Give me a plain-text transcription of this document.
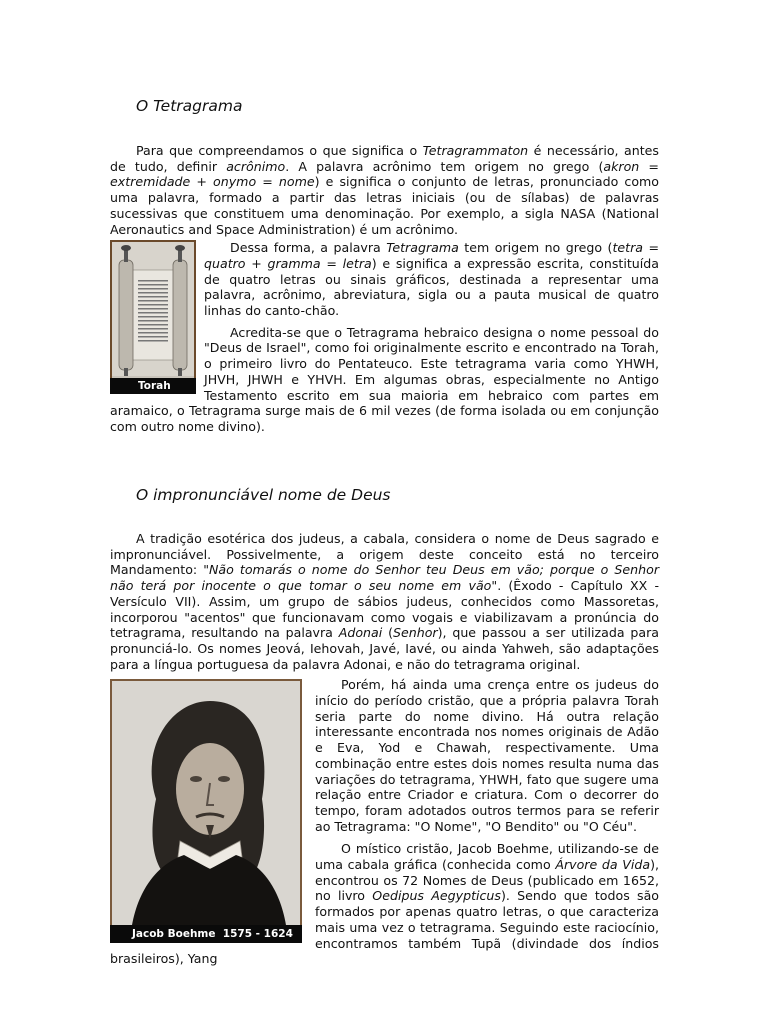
O Tetragrama

Para que compreendamos o que significa o Tetragrammaton é necessário, antes de tudo, definir acrônimo. A palavra acrônimo tem origem no grego (akron = extremidade + onymo = nome) e significa o conjunto de letras, pronunciado como uma palavra, formado a partir das letras iniciais (ou de sílabas) de palavras sucessivas que constituem uma denominação. Por exemplo, a sigla NASA (National Aeronautics and Space Administration) é um acrônimo.

Torah

Dessa forma, a palavra Tetragrama tem origem no grego (tetra = quatro + gramma = letra) e significa a expressão escrita, constituída de quatro letras ou sinais gráficos, destinada a representar uma palavra, acrônimo, abreviatura, sigla ou a pauta musical de quatro linhas do canto-chão.

Acredita-se que o Tetragrama hebraico designa o nome pessoal do "Deus de Israel", como foi originalmente escrito e encontrado na Torah, o primeiro livro do Pentateuco. Este tetragrama varia como YHWH, JHVH, JHWH e YHVH. Em algumas obras, especialmente no Antigo Testamento escrito em sua maioria em hebraico com partes em aramaico, o Tetragrama surge mais de 6 mil vezes (de forma isolada ou em conjunção com outro nome divino).

O impronunciável nome de Deus

A tradição esotérica dos judeus, a cabala, considera o nome de Deus sagrado e impronunciável. Possivelmente, a origem deste conceito está no terceiro Mandamento: "Não tomarás o nome do Senhor teu Deus em vão; porque o Senhor não terá por inocente o que tomar o seu nome em vão". (Êxodo - Capítulo XX - Versículo VII). Assim, um grupo de sábios judeus, conhecidos como Massoretas, incorporou "acentos" que funcionavam como vogais e viabilizavam a pronúncia do tetragrama, resultando na palavra Adonai (Senhor), que passou a ser utilizada para pronunciá-lo. Os nomes Jeová, Iehovah, Javé, Iavé, ou ainda Yahweh, são adaptações para a língua portuguesa da palavra Adonai, e não do tetragrama original.

Jacob Boehme  1575 - 1624

Porém, há ainda uma crença entre os judeus do início do período cristão, que a própria palavra Torah seria parte do nome divino. Há outra relação interessante encontrada nos nomes originais de Adão e Eva, Yod e Chawah, respectivamente. Uma combinação entre estes dois nomes resulta numa das variações do tetragrama, YHWH, fato que sugere uma relação entre Criador e criatura. Com o decorrer do tempo, foram adotados outros termos para se referir ao Tetragrama: "O Nome", "O Bendito" ou "O Céu".

O místico cristão, Jacob Boehme, utilizando-se de uma cabala gráfica (conhecida como Árvore da Vida), encontrou os 72 Nomes de Deus (publicado em 1652, no livro Oedipus Aegypticus). Sendo que todos são formados por apenas quatro letras, o que caracteriza mais uma vez o tetragrama. Seguindo este raciocínio, encontramos também Tupã (divindade dos índios brasileiros), Yang
